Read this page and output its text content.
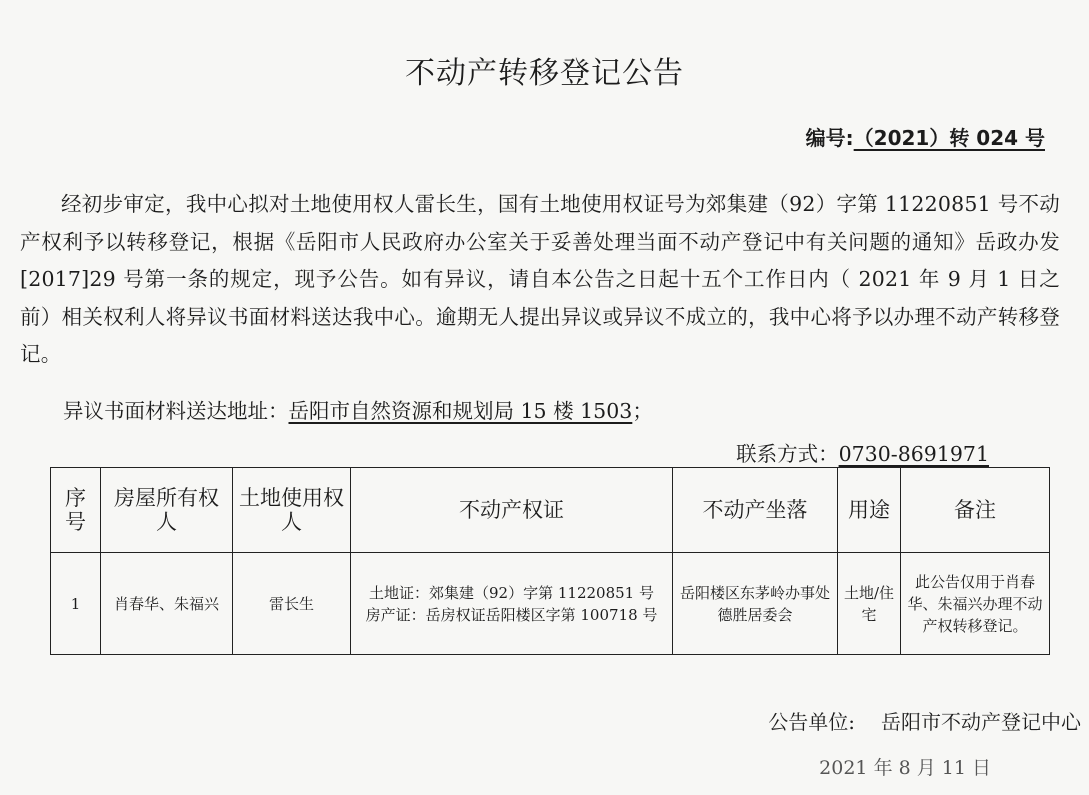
不动产转移登记公告
编号:（2021）转 024 号
经初步审定，我中心拟对土地使用权人雷长生，国有土地使用权证号为郊集建（92）字第 11220851 号不动产权利予以转移登记，根据《岳阳市人民政府办公室关于妥善处理当面不动产登记中有关问题的通知》岳政办发[2017]29 号第一条的规定，现予公告。如有异议，请自本公告之日起十五个工作日内（ 2021 年 9 月 1 日之前）相关权利人将异议书面材料送达我中心。逾期无人提出异议或异议不成立的，我中心将予以办理不动产转移登记。
异议书面材料送达地址：岳阳市自然资源和规划局 15 楼 1503；
联系方式：0730-8691971
序号	房屋所有权人	土地使用权人	不动产权证	不动产坐落	用途	备注
1	肖春华、朱福兴	雷长生	土地证：郊集建（92）字第 11220851 号
房产证：岳房权证岳阳楼区字第 100718 号	岳阳楼区东茅岭办事处德胜居委会	土地/住宅	此公告仅用于肖春华、朱福兴办理不动产权转移登记。
公告单位: 岳阳市不动产登记中心
2021 年 8 月 11 日
